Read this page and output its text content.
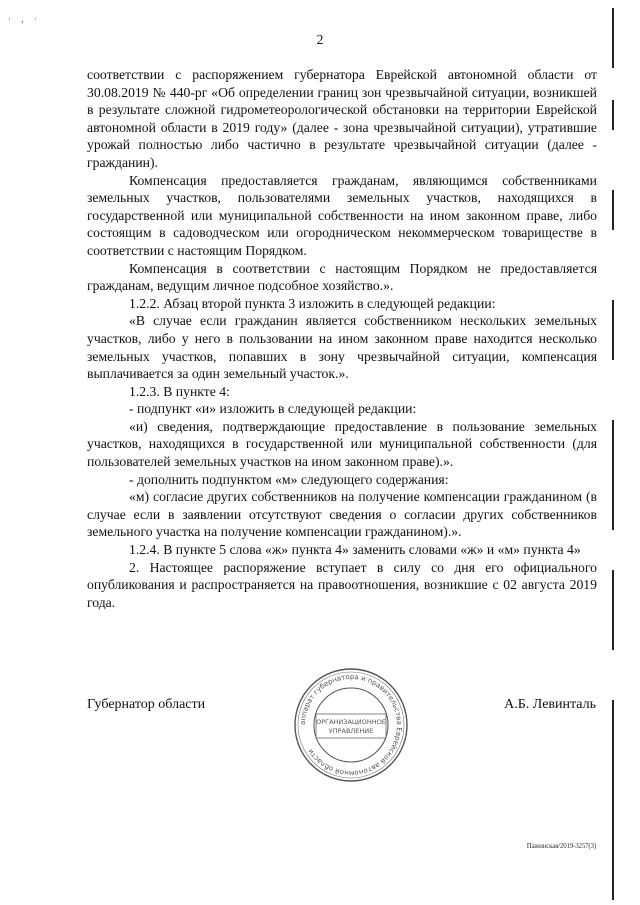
· , ·
2

соответствии с распоряжением губернатора Еврейской автономной области от 30.08.2019 № 440-рг «Об определении границ зон чрезвычайной ситуации, возникшей в результате сложной гидрометеорологической обстановки на территории Еврейской автономной области в 2019 году» (далее - зона чрезвычайной ситуации), утратившие урожай полностью либо частично в результате чрезвычайной ситуации (далее - гражданин).

Компенсация предоставляется гражданам, являющимся собственниками земельных участков, пользователями земельных участков, находящихся в государственной или муниципальной собственности на ином законном праве, либо состоящим в садоводческом или огородническом некоммерческом товариществе в соответствии с настоящим Порядком.

Компенсация в соответствии с настоящим Порядком не предоставляется гражданам, ведущим личное подсобное хозяйство.».

1.2.2. Абзац второй пункта 3 изложить в следующей редакции:

«В случае если гражданин является собственником нескольких земельных участков, либо у него в пользовании на ином законном праве находится несколько земельных участков, попавших в зону чрезвычайной ситуации, компенсация выплачивается за один земельный участок.».

1.2.3. В пункте 4:

- подпункт «и» изложить в следующей редакции:

«и) сведения, подтверждающие предоставление в пользование земельных участков, находящихся в государственной или муниципальной собственности (для пользователей земельных участков на ином законном праве).».

- дополнить подпунктом «м» следующего содержания:

«м) согласие других собственников на получение компенсации гражданином (в случае если в заявлении отсутствуют сведения о согласии других собственников земельного участка на получение компенсации гражданином).».

1.2.4. В пункте 5 слова «ж» пункта 4» заменить словами «ж» и «м» пункта 4»

2. Настоящее распоряжение вступает в силу со дня его официального опубликования и распространяется на правоотношения, возникшие с 02 августа 2019 года.

Губернатор области	А.Б. Левинталь
аппарат губернатора и правительства Еврейской автономной области
ОРГАНИЗАЦИОННОЕ
УПРАВЛЕНИЕ
Пажинская/2019-3257(3)
